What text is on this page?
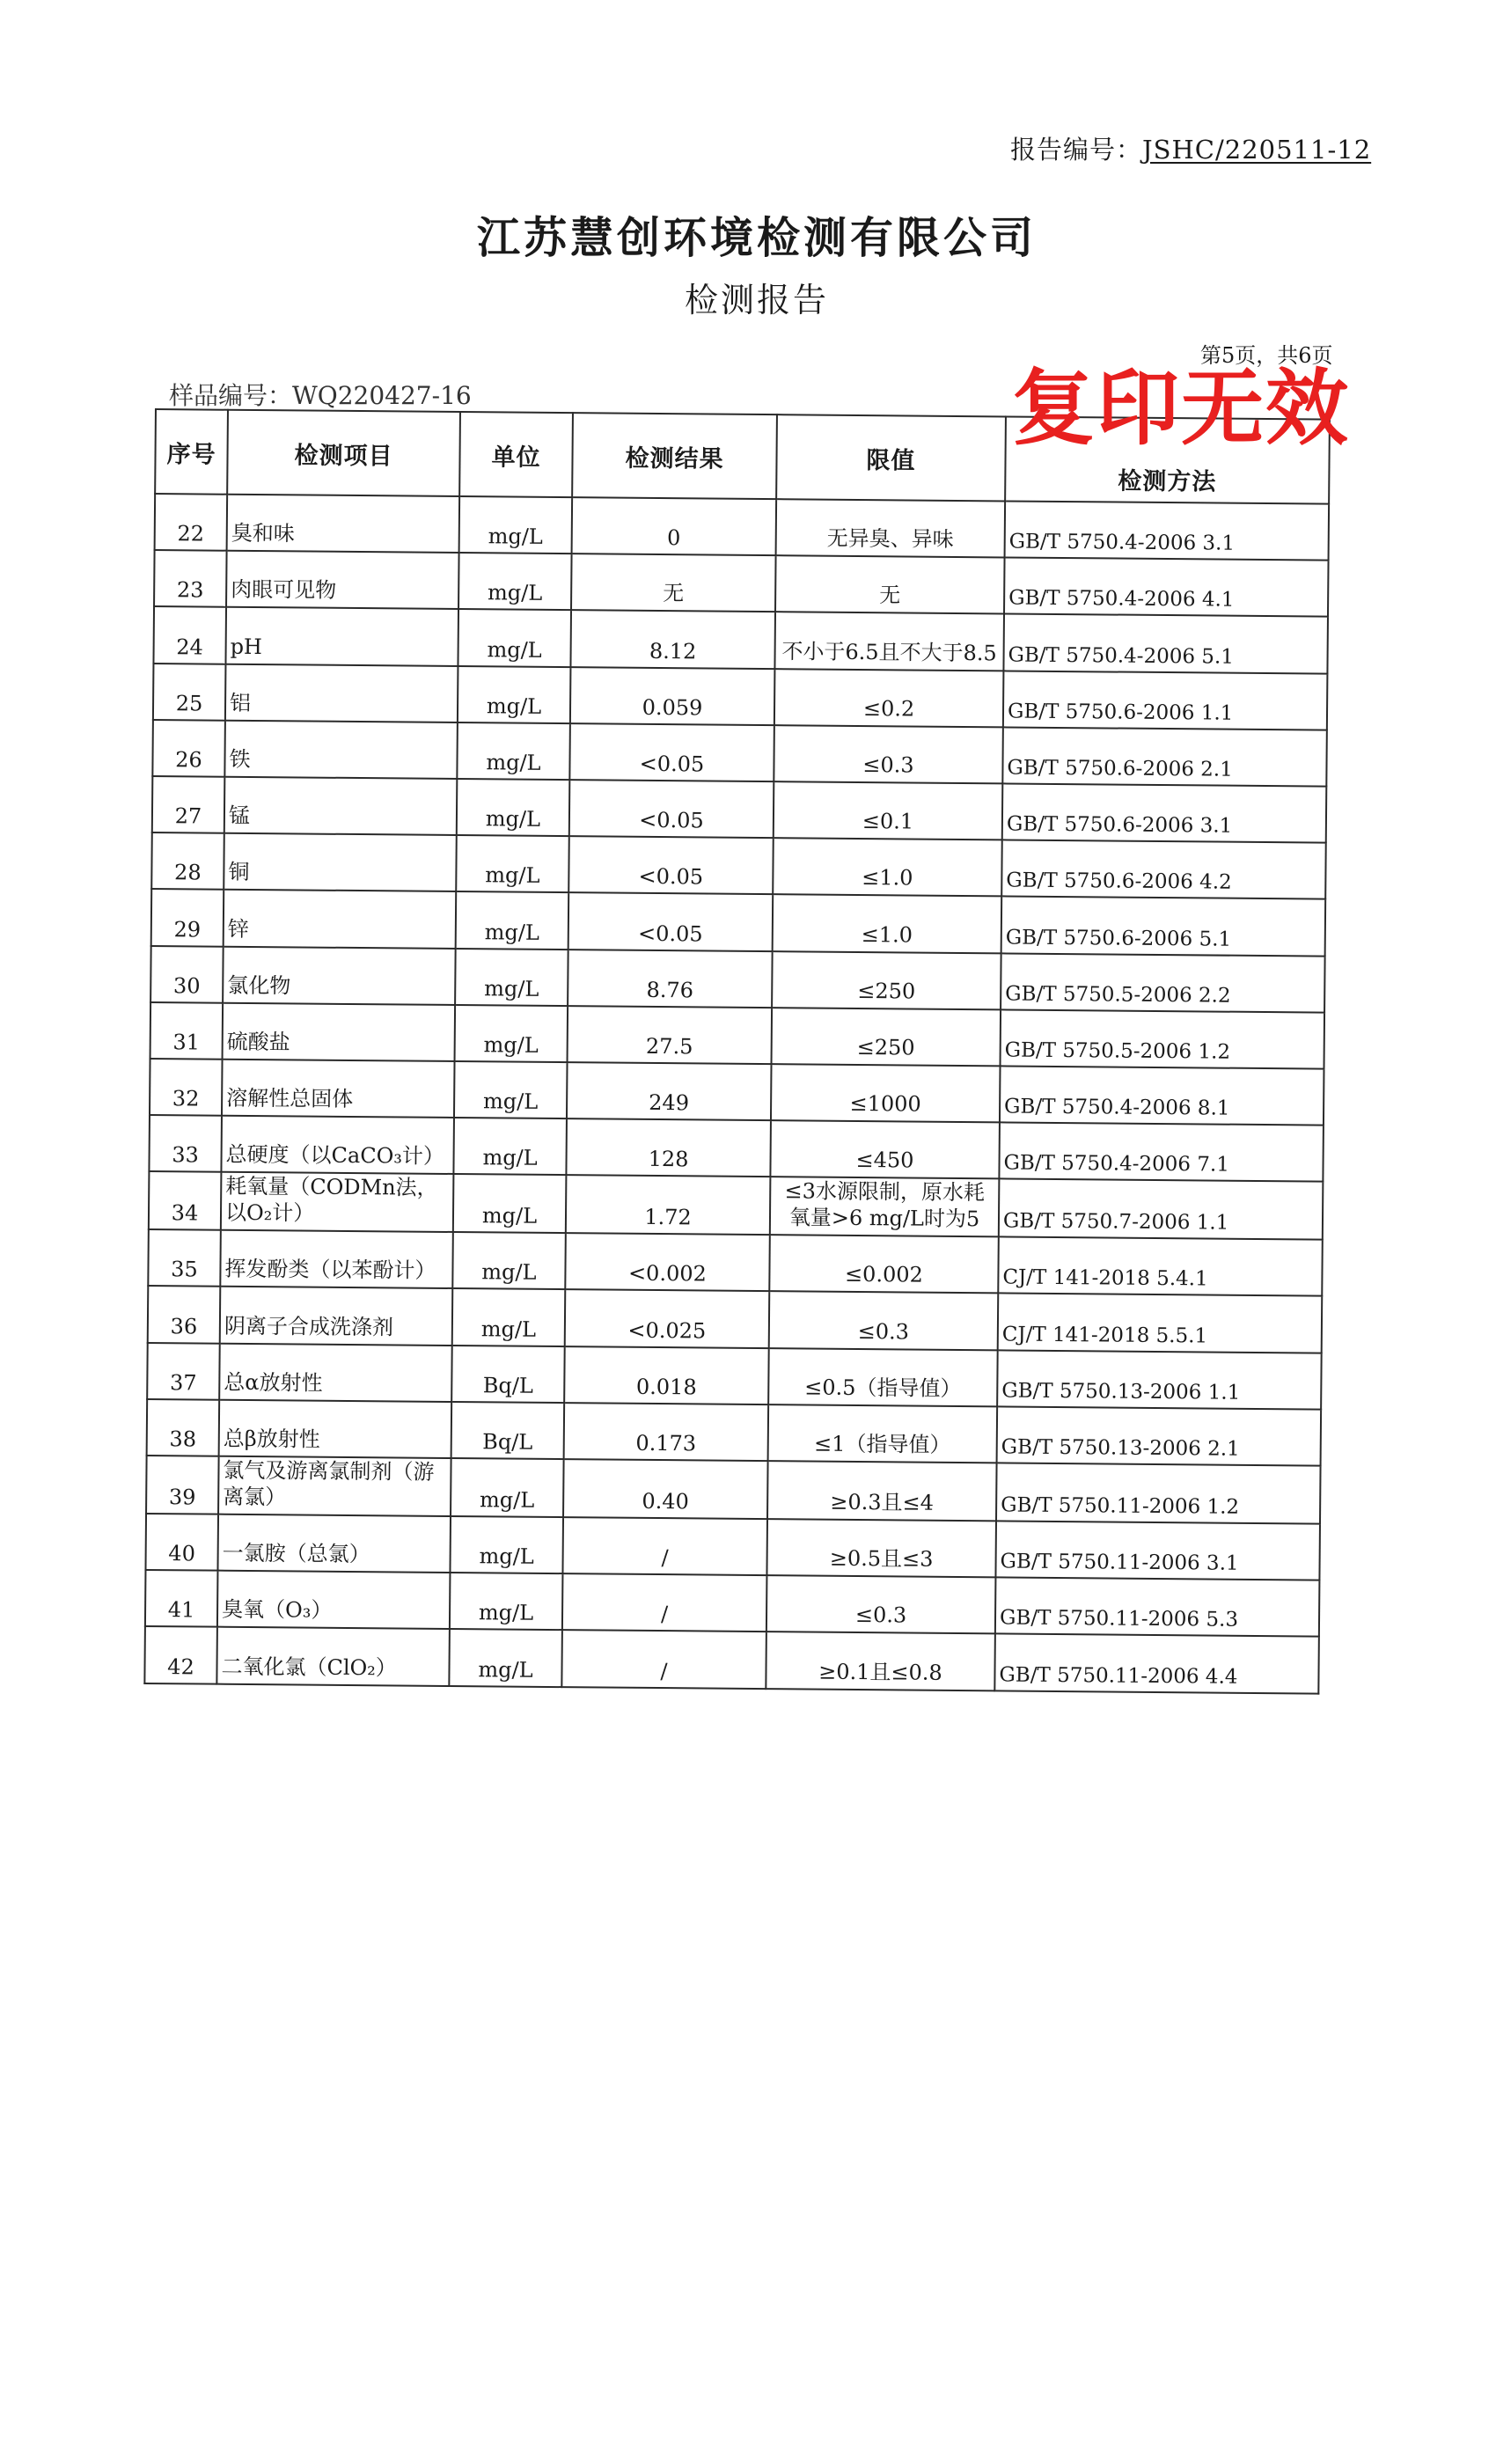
报告编号：JSHC/220511-12
江苏慧创环境检测有限公司
检测报告
第5页，共6页
样品编号：WQ220427-16
序号	检测项目	单位	检测结果	限值	检测方法
22	臭和味	mg/L	0	无异臭、异味	GB/T 5750.4-2006 3.1
23	肉眼可见物	mg/L	无	无	GB/T 5750.4-2006 4.1
24	pH	mg/L	8.12	不小于6.5且不大于8.5	GB/T 5750.4-2006 5.1
25	铝	mg/L	0.059	≤0.2	GB/T 5750.6-2006 1.1
26	铁	mg/L	<0.05	≤0.3	GB/T 5750.6-2006 2.1
27	锰	mg/L	<0.05	≤0.1	GB/T 5750.6-2006 3.1
28	铜	mg/L	<0.05	≤1.0	GB/T 5750.6-2006 4.2
29	锌	mg/L	<0.05	≤1.0	GB/T 5750.6-2006 5.1
30	氯化物	mg/L	8.76	≤250	GB/T 5750.5-2006 2.2
31	硫酸盐	mg/L	27.5	≤250	GB/T 5750.5-2006 1.2
32	溶解性总固体	mg/L	249	≤1000	GB/T 5750.4-2006 8.1
33	总硬度（以CaCO₃计）	mg/L	128	≤450	GB/T 5750.4-2006 7.1
34	耗氧量（CODMn法，以O₂计）	mg/L	1.72	≤3水源限制，原水耗氧量>6 mg/L时为5	GB/T 5750.7-2006 1.1
35	挥发酚类（以苯酚计）	mg/L	<0.002	≤0.002	CJ/T 141-2018 5.4.1
36	阴离子合成洗涤剂	mg/L	<0.025	≤0.3	CJ/T 141-2018 5.5.1
37	总α放射性	Bq/L	0.018	≤0.5（指导值）	GB/T 5750.13-2006 1.1
38	总β放射性	Bq/L	0.173	≤1（指导值）	GB/T 5750.13-2006 2.1
39	氯气及游离氯制剂（游离氯）	mg/L	0.40	≥0.3且≤4	GB/T 5750.11-2006 1.2
40	一氯胺（总氯）	mg/L	/	≥0.5且≤3	GB/T 5750.11-2006 3.1
41	臭氧（O₃）	mg/L	/	≤0.3	GB/T 5750.11-2006 5.3
42	二氧化氯（ClO₂）	mg/L	/	≥0.1且≤0.8	GB/T 5750.11-2006 4.4
复印无效
